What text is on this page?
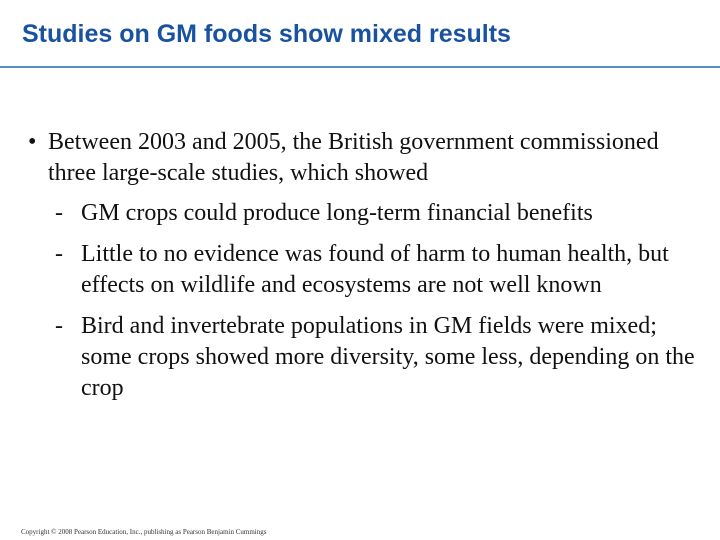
Studies on GM foods show mixed results
• Between 2003 and 2005, the British government commissioned three large-scale studies, which showed
- GM crops could produce long-term financial benefits
- Little to no evidence was found of harm to human health, but effects on wildlife and ecosystems are not well known
- Bird and invertebrate populations in GM fields were mixed; some crops showed more diversity, some less, depending on the crop
Copyright © 2008 Pearson Education, Inc., publishing as Pearson Benjamin Cummings
